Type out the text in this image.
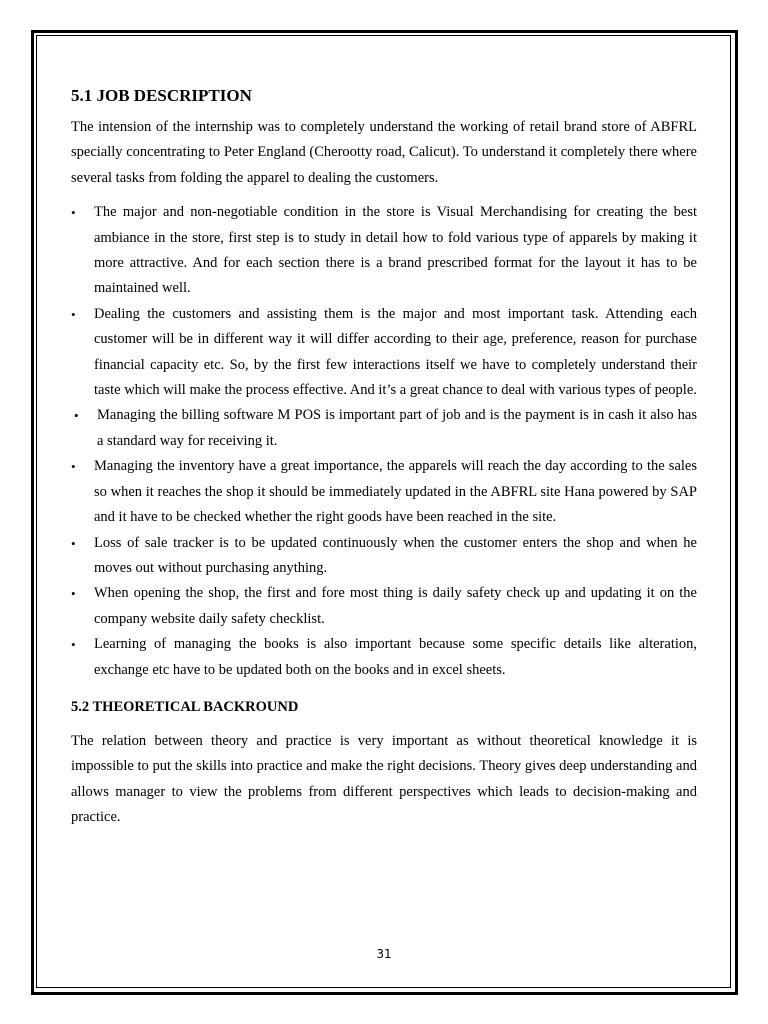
5.1 JOB DESCRIPTION

The intension of the internship was to completely understand the working of retail brand store of ABFRL specially concentrating to Peter England (Cherootty road, Calicut). To understand it completely there where several tasks from folding the apparel to dealing the customers.

• The major and non-negotiable condition in the store is Visual Merchandising for creating the best ambiance in the store, first step is to study in detail how to fold various type of apparels by making it more attractive. And for each section there is a brand prescribed format for the layout it has to be maintained well.
• Dealing the customers and assisting them is the major and most important task. Attending each customer will be in different way it will differ according to their age, preference, reason for purchase financial capacity etc. So, by the first few interactions itself we have to completely understand their taste which will make the process effective. And it’s a great chance to deal with various types of people.
• Managing the billing software M POS is important part of job and is the payment is in cash it also has a standard way for receiving it.
• Managing the inventory have a great importance, the apparels will reach the day according to the sales so when it reaches the shop it should be immediately updated in the ABFRL site Hana powered by SAP and it have to be checked whether the right goods have been reached in the site.
• Loss of sale tracker is to be updated continuously when the customer enters the shop and when he moves out without purchasing anything.
• When opening the shop, the first and fore most thing is daily safety check up and updating it on the company website daily safety checklist.
• Learning of managing the books is also important because some specific details like alteration, exchange etc have to be updated both on the books and in excel sheets.
5.2 THEORETICAL BACKROUND

The relation between theory and practice is very important as without theoretical knowledge it is impossible to put the skills into practice and make the right decisions. Theory gives deep understanding and allows manager to view the problems from different perspectives which leads to decision-making and practice.

31
